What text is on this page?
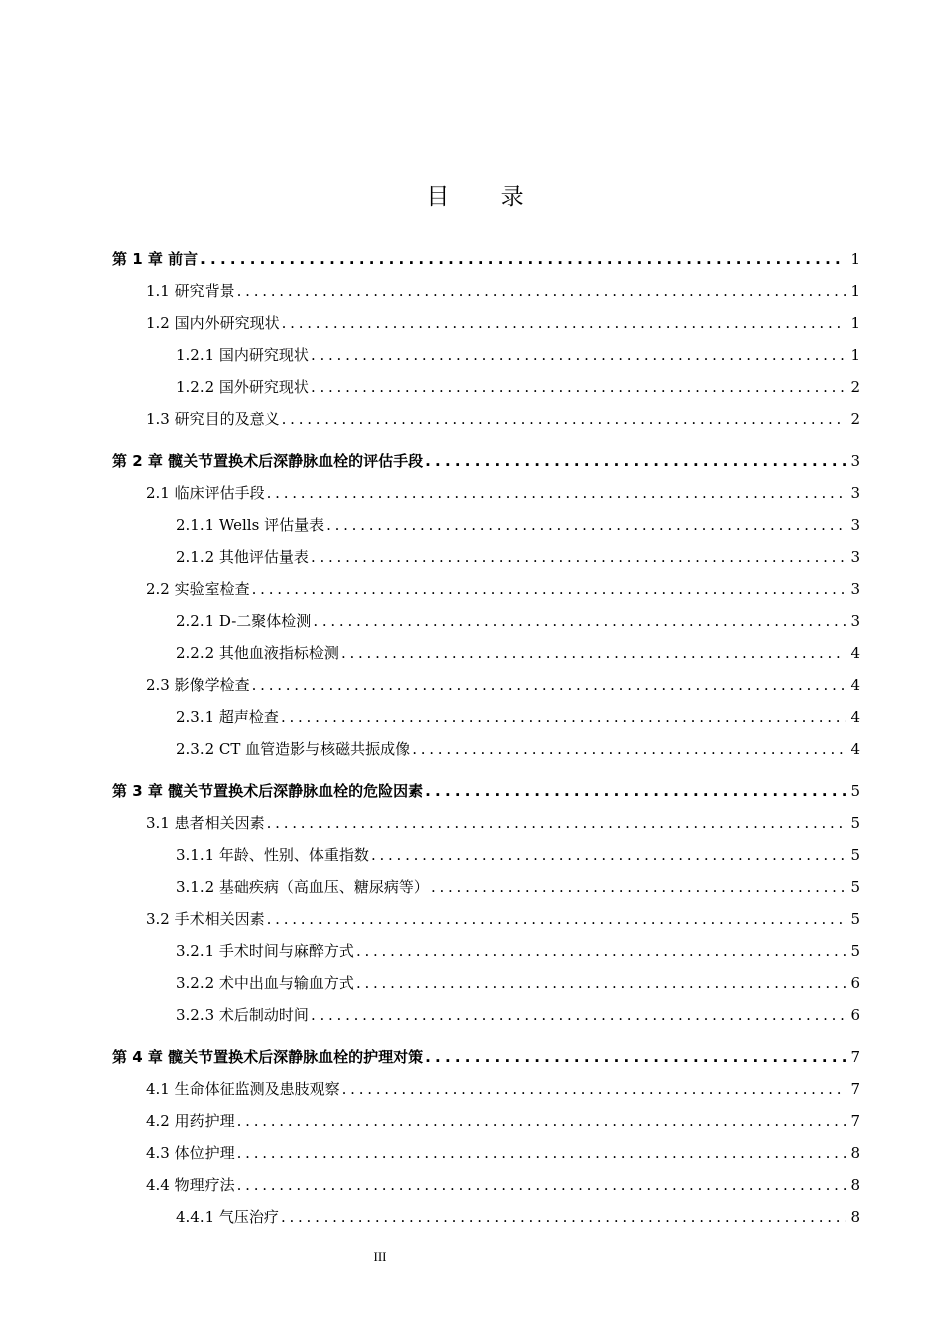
目 录
第 1 章 前言 . . .	1
1.1 研究背景 . . .	1
1.2 国内外研究现状 . . .	1
1.2.1 国内研究现状 . . .	1
1.2.2 国外研究现状 . . .	2
1.3 研究目的及意义 . . .	2
第 2 章 髋关节置换术后深静脉血栓的评估手段 . . .	3
2.1 临床评估手段 . . .	3
2.1.1 Wells 评估量表 . . .	3
2.1.2 其他评估量表 . . .	3
2.2 实验室检查 . . .	3
2.2.1 D-二聚体检测 . . .	3
2.2.2 其他血液指标检测 . . .	4
2.3 影像学检查 . . .	4
2.3.1 超声检查 . . .	4
2.3.2 CT 血管造影与核磁共振成像 . . .	4
第 3 章 髋关节置换术后深静脉血栓的危险因素 . . .	5
3.1 患者相关因素 . . .	5
3.1.1 年龄、性别、体重指数 . . .	5
3.1.2 基础疾病（高血压、糖尿病等） . . .	5
3.2 手术相关因素 . . .	5
3.2.1 手术时间与麻醉方式 . . .	5
3.2.2 术中出血与输血方式 . . .	6
3.2.3 术后制动时间 . . .	6
第 4 章 髋关节置换术后深静脉血栓的护理对策 . . .	7
4.1 生命体征监测及患肢观察 . . .	7
4.2 用药护理 . . .	7
4.3 体位护理 . . .	8
4.4 物理疗法 . . .	8
4.4.1 气压治疗 . . .	8
III
